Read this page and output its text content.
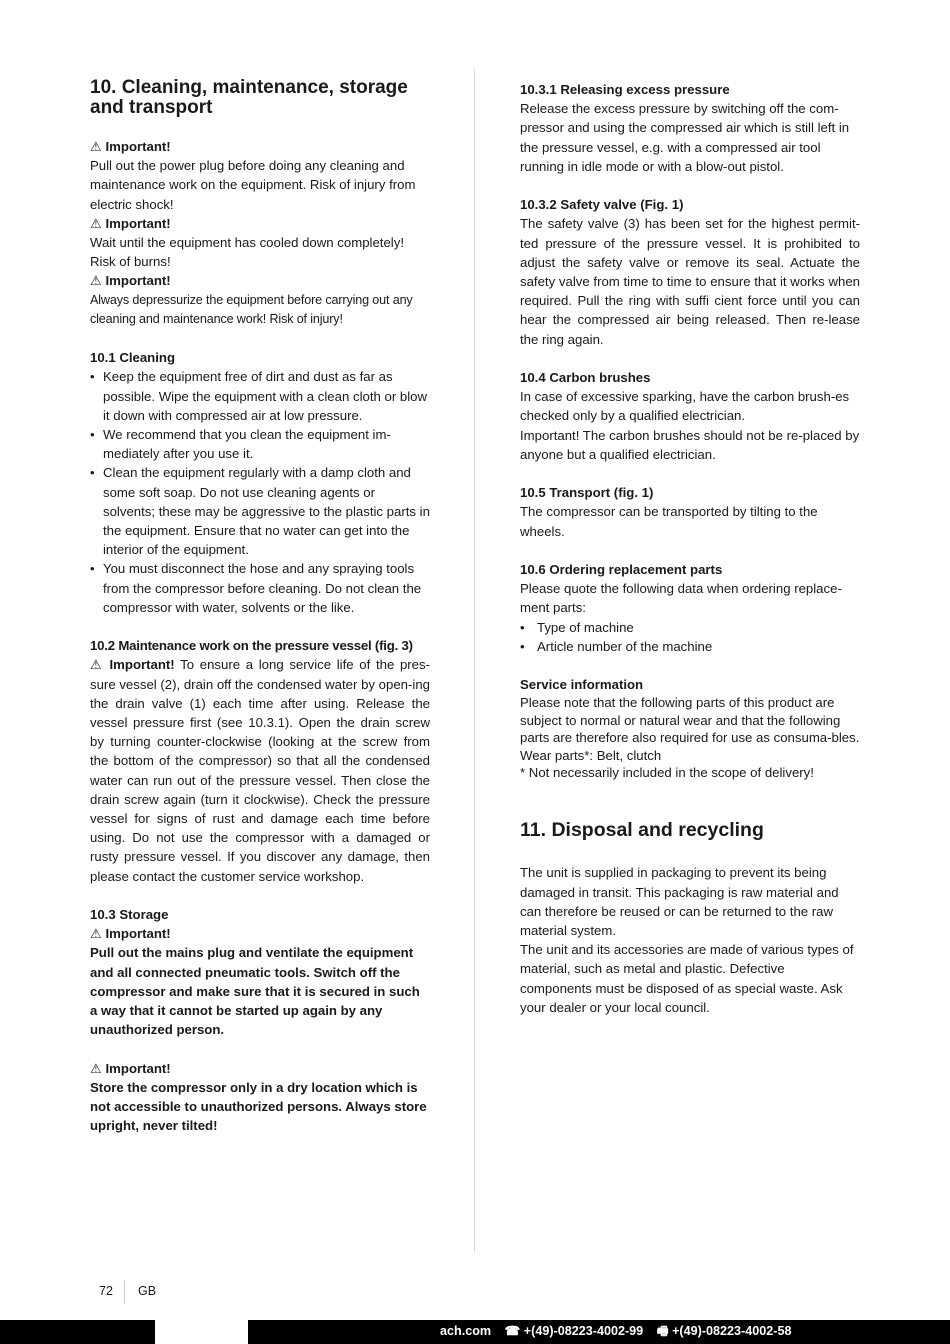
10. Cleaning, maintenance, storage and transport
⚠ Important!

Pull out the power plug before doing any cleaning and maintenance work on the equipment. Risk of injury from electric shock!

⚠ Important!

Wait until the equipment has cooled down completely! Risk of burns!

⚠ Important!

Always depressurize the equipment before carrying out any cleaning and maintenance work! Risk of injury!

10.1 Cleaning
• Keep the equipment free of dirt and dust as far as possible. Wipe the equipment with a clean cloth or blow it down with compressed air at low pressure.
• We recommend that you clean the equipment im-mediately after you use it.
• Clean the equipment regularly with a damp cloth and some soft soap. Do not use cleaning agents or solvents; these may be aggressive to the plastic parts in the equipment. Ensure that no water can get into the interior of the equipment.
• You must disconnect the hose and any spraying tools from the compressor before cleaning. Do not clean the compressor with water, solvents or the like.
10.2 Maintenance work on the pressure vessel (fig. 3)

⚠ Important! To ensure a long service life of the pres-sure vessel (2), drain off the condensed water by open-ing the drain valve (1) each time after using. Release the vessel pressure first (see 10.3.1). Open the drain screw by turning counter-clockwise (looking at the screw from the bottom of the compressor) so that all the condensed water can run out of the pressure vessel. Then close the drain screw again (turn it clockwise). Check the pressure vessel for signs of rust and damage each time before using. Do not use the compressor with a damaged or rusty pressure vessel. If you discover any damage, then please contact the customer service workshop.

10.3 Storage
⚠ Important!

Pull out the mains plug and ventilate the equipment and all connected pneumatic tools. Switch off the compressor and make sure that it is secured in such a way that it cannot be started up again by any unauthorized person.

⚠ Important!

Store the compressor only in a dry location which is not accessible to unauthorized persons. Always store upright, never tilted!

10.3.1 Releasing excess pressure

Release the excess pressure by switching off the com-pressor and using the compressed air which is still left in the pressure vessel, e.g. with a compressed air tool running in idle mode or with a blow-out pistol.

10.3.2 Safety valve (Fig. 1)

The safety valve (3) has been set for the highest permit-ted pressure of the pressure vessel. It is prohibited to adjust the safety valve or remove its seal. Actuate the safety valve from time to time to ensure that it works when required. Pull the ring with suffi cient force until you can hear the compressed air being released. Then re-lease the ring again.

10.4 Carbon brushes

In case of excessive sparking, have the carbon brush-es checked only by a qualified electrician.

Important! The carbon brushes should not be re-placed by anyone but a qualified electrician.

10.5 Transport (fig. 1)

The compressor can be transported by tilting to the wheels.

10.6 Ordering replacement parts

Please quote the following data when ordering replace-ment parts:

• Type of machine
• Article number of the machine
Service information

Please note that the following parts of this product are subject to normal or natural wear and that the following parts are therefore also required for use as consuma-bles.

Wear parts*: Belt, clutch

* Not necessarily included in the scope of delivery!

11. Disposal and recycling

The unit is supplied in packaging to prevent its being damaged in transit. This packaging is raw material and can therefore be reused or can be returned to the raw material system.

The unit and its accessories are made of various types of material, such as metal and plastic. Defective components must be disposed of as special waste. Ask your dealer or your local council.

72 GB
ach.com ☎ +(49)-08223-4002-99 🖷 +(49)-08223-4002-58
